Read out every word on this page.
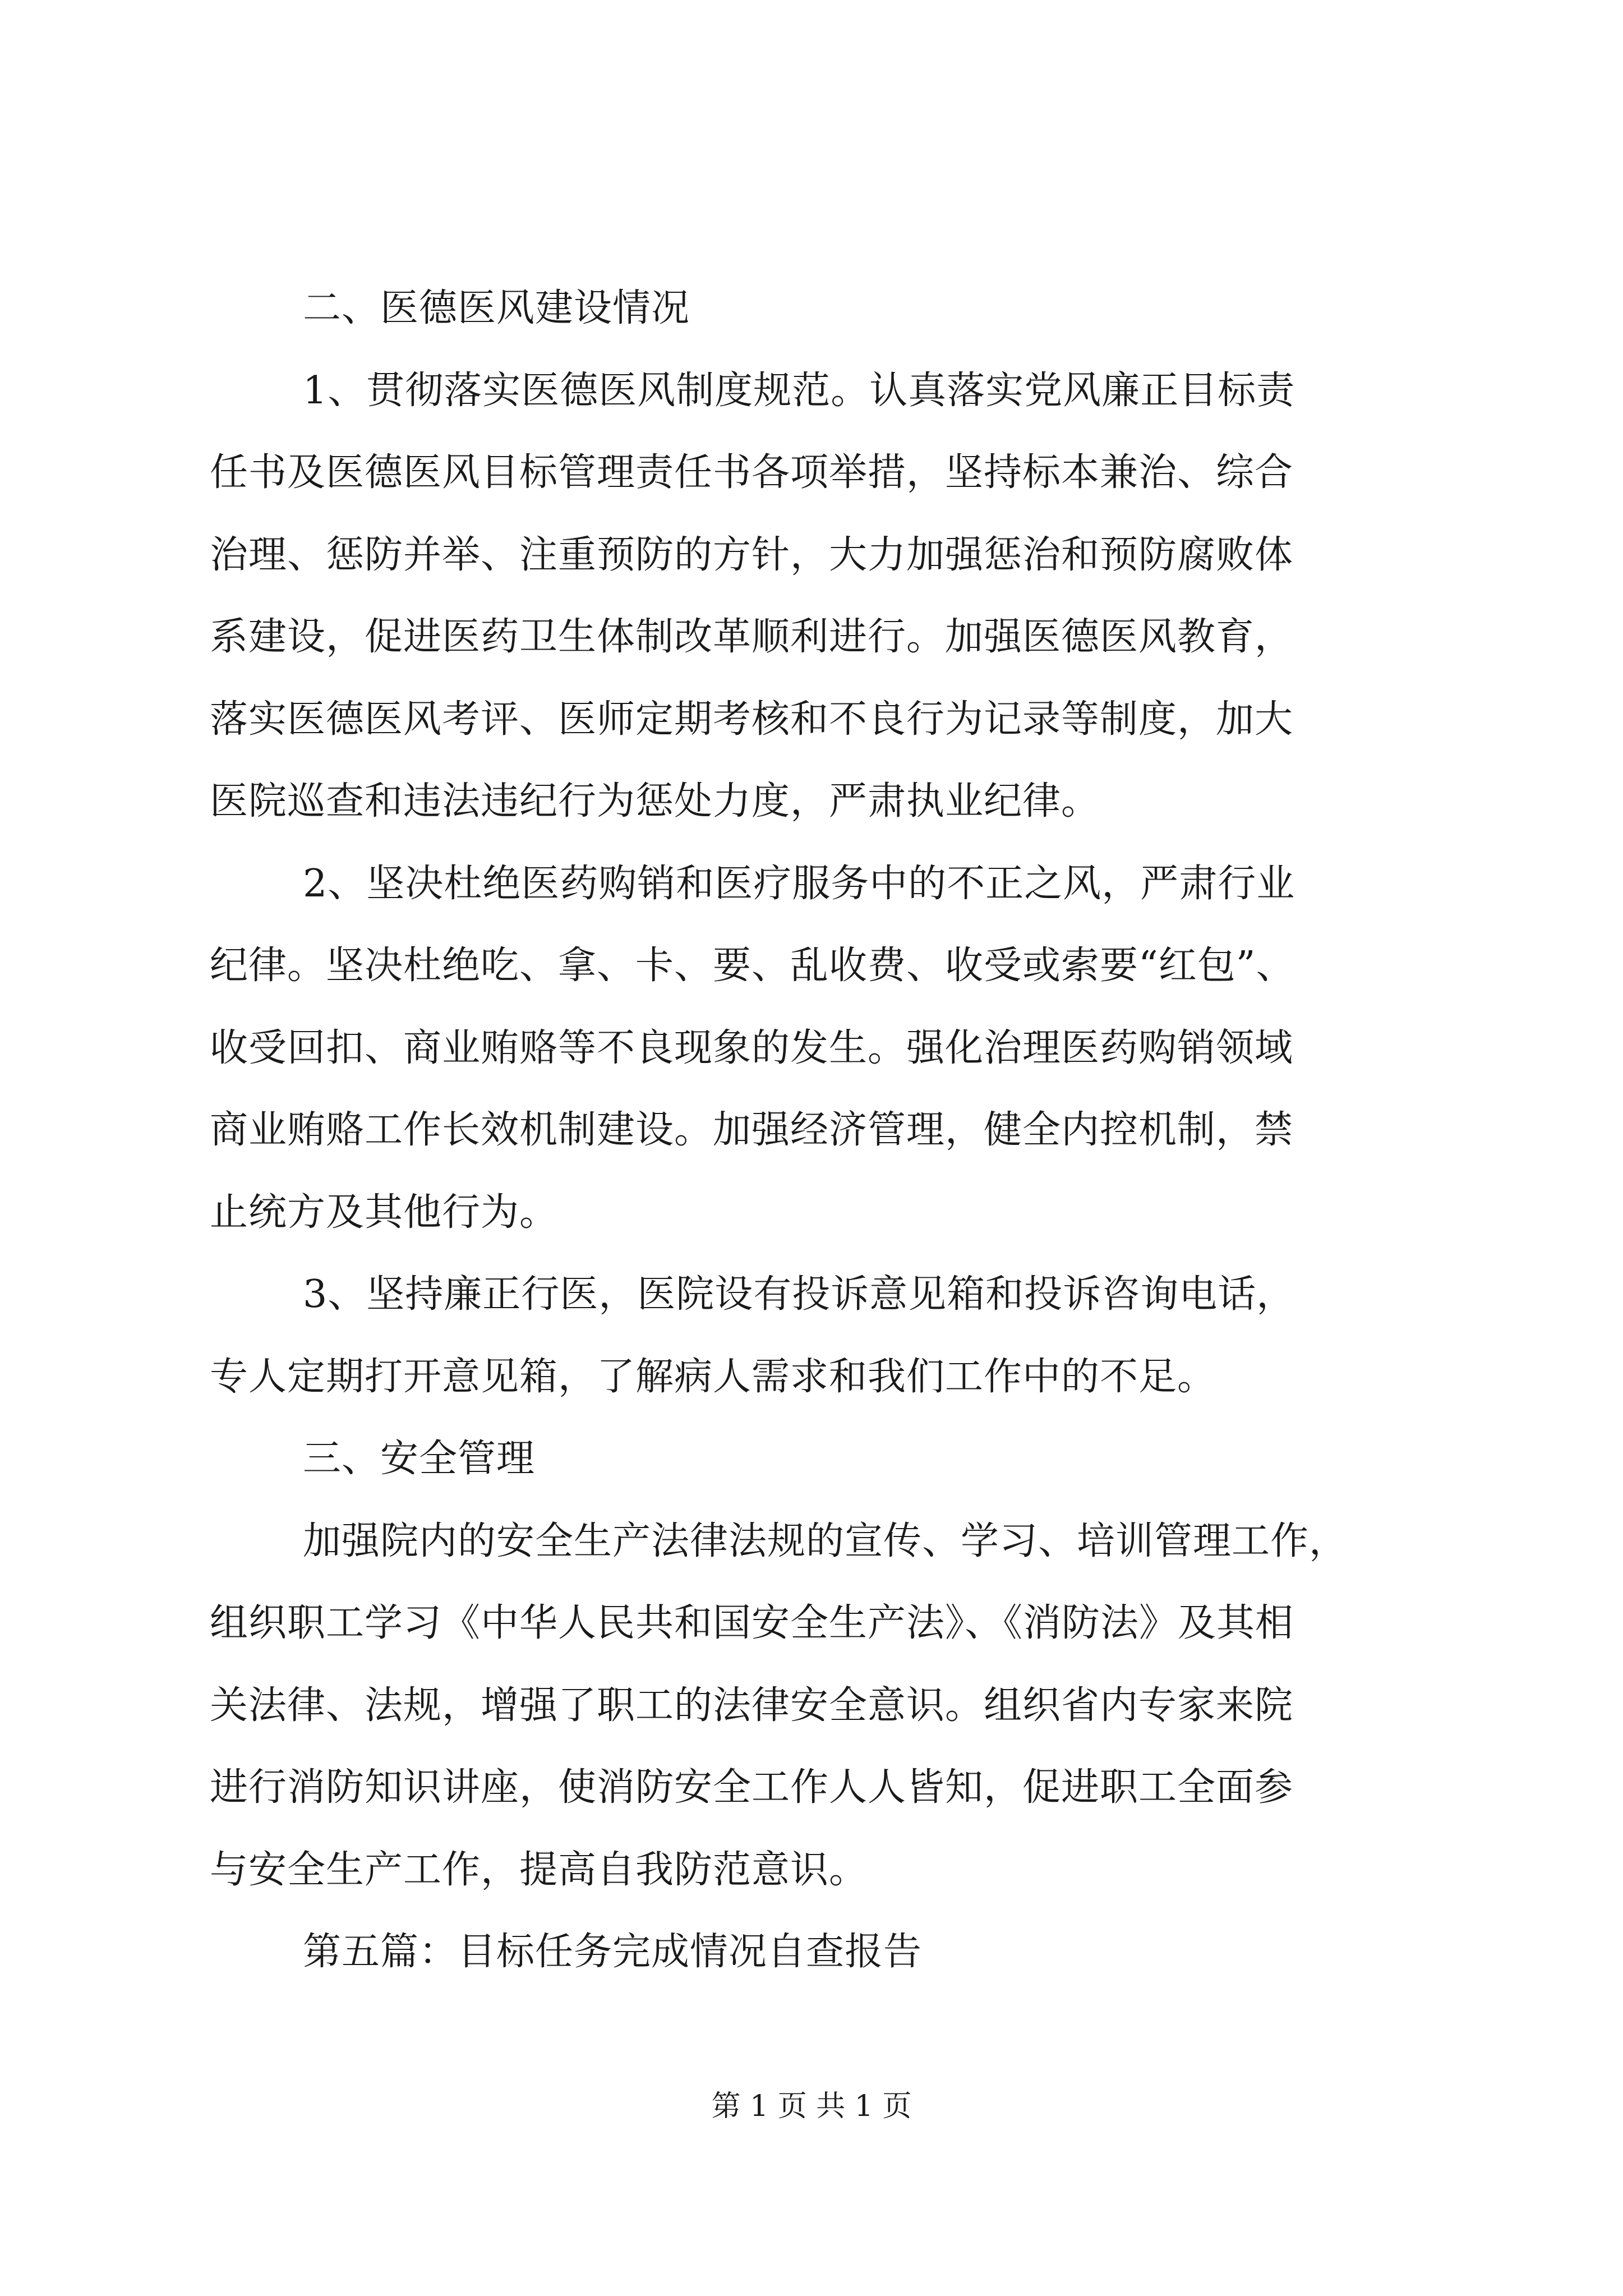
二、医德医风建设情况

1、贯彻落实医德医风制度规范。认真落实党风廉正目标责

任书及医德医风目标管理责任书各项举措，坚持标本兼治、综合

治理、惩防并举、注重预防的方针，大力加强惩治和预防腐败体

系建设，促进医药卫生体制改革顺利进行。加强医德医风教育，

落实医德医风考评、医师定期考核和不良行为记录等制度，加大

医院巡查和违法违纪行为惩处力度，严肃执业纪律。

2、坚决杜绝医药购销和医疗服务中的不正之风，严肃行业

纪律。坚决杜绝吃、拿、卡、要、乱收费、收受或索要“红包”、

收受回扣、商业贿赂等不良现象的发生。强化治理医药购销领域

商业贿赂工作长效机制建设。加强经济管理，健全内控机制，禁

止统方及其他行为。

3、坚持廉正行医，医院设有投诉意见箱和投诉咨询电话，

专人定期打开意见箱，了解病人需求和我们工作中的不足。

三、安全管理

加强院内的安全生产法律法规的宣传、学习、培训管理工作，

组织职工学习《中华人民共和国安全生产法》、《消防法》及其相

关法律、法规，增强了职工的法律安全意识。组织省内专家来院

进行消防知识讲座，使消防安全工作人人皆知，促进职工全面参

与安全生产工作，提高自我防范意识。

第五篇：目标任务完成情况自查报告

第 1 页 共 1 页
